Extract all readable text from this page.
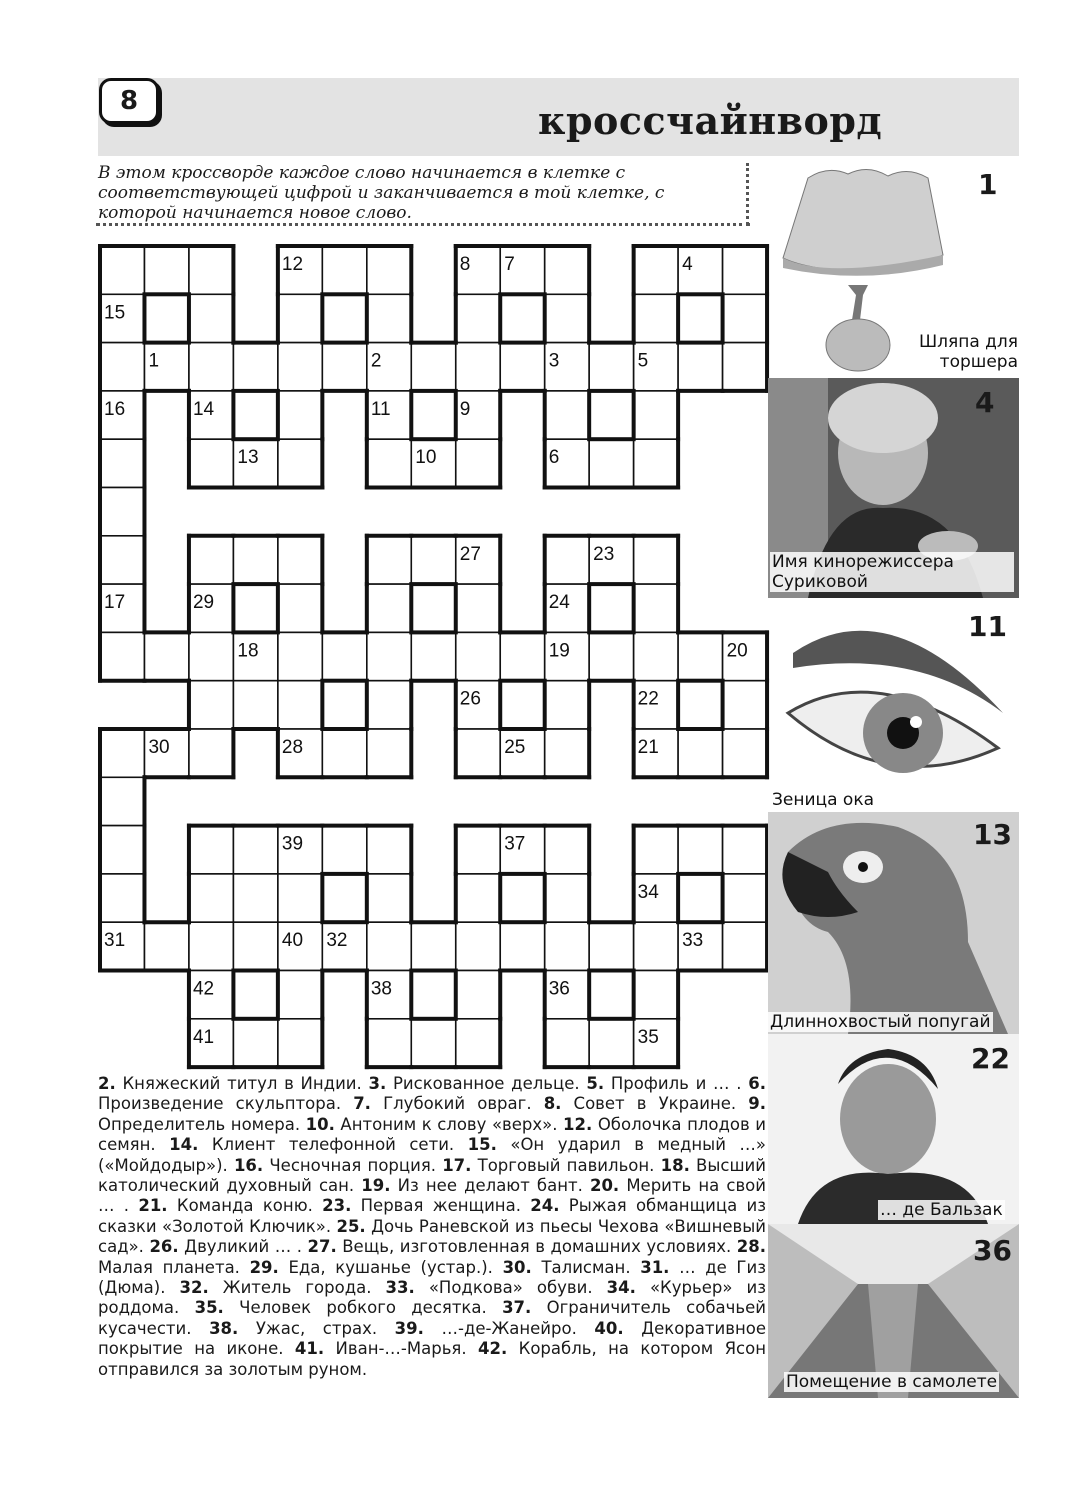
8	кроссчайнворд
В этом кроссворде каждое слово начинается в клетке с соответствующей цифрой и заканчивается в той клетке, с которой начинается новое слово.
12	8 7	4
15
1	2	3	5
16	14	11	9
13	10	6
27	23
17	29	24
18	19	20
26	22
30	28	25	21
39	37
34
31	40 32	33
42	38	36
41	35
2. Княжеский титул в Индии. 3. Рискованное дельце. 5. Профиль и … . 6. Произведение скульптора. 7. Глубокий овраг. 8. Совет в Украине. 9. Определитель номера. 10. Антоним к слову «верх». 12. Оболочка плодов и семян. 14. Клиент телефонной сети. 15. «Он ударил в медный …» («Мойдодыр»). 16. Чесночная порция. 17. Торговый павильон. 18. Высший католический духовный сан. 19. Из нее делают бант. 20. Мерить на свой … . 21. Команда коню. 23. Первая женщина. 24. Рыжая обманщица из сказки «Золотой Ключик». 25. Дочь Раневской из пьесы Чехова «Вишневый сад». 26. Двуликий … . 27. Вещь, изготовленная в домашних условиях. 28. Малая планета. 29. Еда, кушанье (устар.). 30. Талисман. 31. … де Гиз (Дюма). 32. Житель города. 33. «Подкова» обуви. 34. «Курьер» из роддома. 35. Человек робкого десятка. 37. Ограничитель собачьей кусачести. 38. Ужас, страх. 39. …-де-Жанейро. 40. Декоративное покрытие на иконе. 41. Иван-…-Марья. 42. Корабль, на котором Ясон отправился за золотым руном.
Шляпа для торшера
1
Имя кинорежиссера Суриковой
4
Зеница ока
11
Длиннохвостый попугай
13
… де Бальзак
22
Помещение в самолете
36
